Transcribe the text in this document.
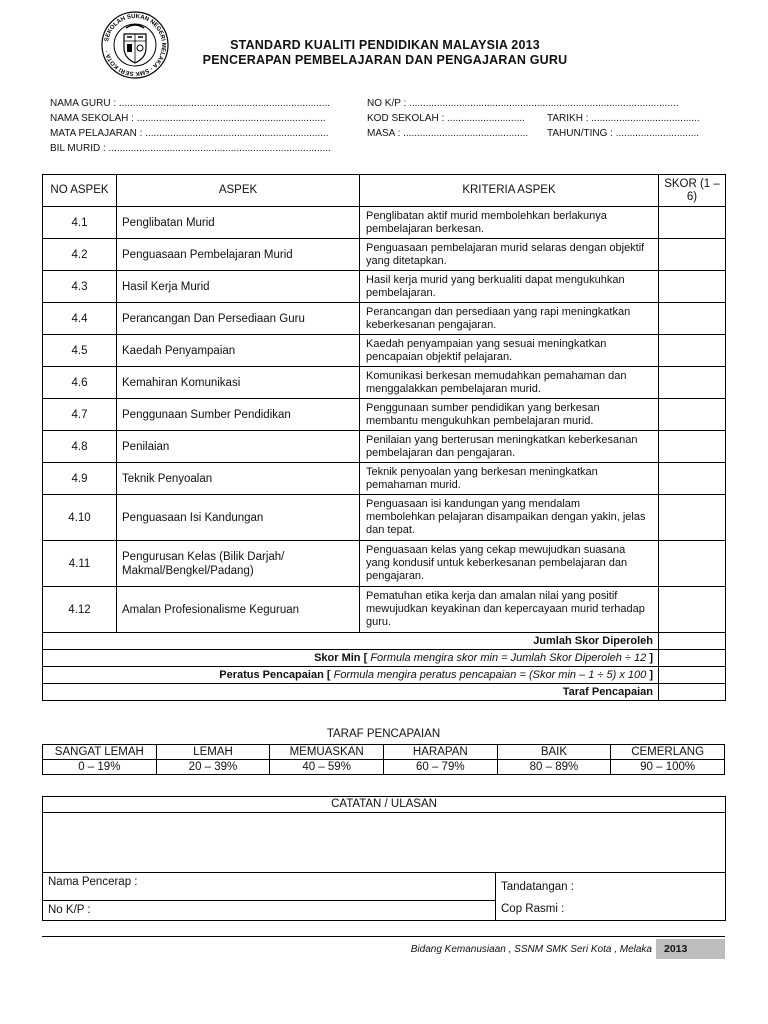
SEKOLAH SUKAN NEGERI MELAKA · SMK SERI KOTA ·	STANDARD KUALITI PENDIDIKAN MALAYSIA 2013
PENCERAPAN PEMBELAJARAN DAN PENGAJARAN GURU
NAMA GURU : ............................................................................	NO K/P : .................................................................................................
NAMA SEKOLAH : ....................................................................	KOD SEKOLAH : ............................	TARIKH : .......................................
MATA PELAJARAN : ..................................................................	MASA : .............................................	TAHUN/TING : ..............................
BIL MURID : ................................................................................
NO ASPEK	ASPEK	KRITERIA ASPEK	SKOR (1 – 6)
4.1	Penglibatan Murid	Penglibatan aktif murid membolehkan berlakunya pembelajaran berkesan.	
4.2	Penguasaan Pembelajaran Murid	Penguasaan pembelajaran murid selaras dengan objektif yang ditetapkan.	
4.3	Hasil Kerja Murid	Hasil kerja murid yang berkualiti dapat mengukuhkan pembelajaran.	
4.4	Perancangan Dan Persediaan Guru	Perancangan dan persediaan yang rapi meningkatkan keberkesanan pengajaran.	
4.5	Kaedah Penyampaian	Kaedah penyampaian yang sesuai meningkatkan pencapaian objektif pelajaran.	
4.6	Kemahiran Komunikasi	Komunikasi berkesan memudahkan pemahaman dan menggalakkan pembelajaran murid.	
4.7	Penggunaan Sumber Pendidikan	Penggunaan sumber pendidikan yang berkesan membantu mengukuhkan pembelajaran murid.	
4.8	Penilaian	Penilaian yang berterusan meningkatkan keberkesanan pembelajaran dan pengajaran.	
4.9	Teknik Penyoalan	Teknik penyoalan yang berkesan meningkatkan pemahaman murid.	
4.10	Penguasaan Isi Kandungan	Penguasaan isi kandungan yang mendalam membolehkan pelajaran disampaikan dengan yakin, jelas dan tepat.	
4.11	Pengurusan Kelas (Bilik Darjah/ Makmal/Bengkel/Padang)	Penguasaan kelas yang cekap mewujudkan suasana yang kondusif untuk keberkesanan pembelajaran dan pengajaran.	
4.12	Amalan Profesionalisme Keguruan	Pematuhan etika kerja dan amalan nilai yang positif mewujudkan keyakinan dan kepercayaan murid terhadap guru.	
Jumlah Skor Diperoleh			
Skor Min [ Formula mengira skor min = Jumlah Skor Diperoleh ÷ 12 ]			
Peratus Pencapaian [ Formula mengira peratus pencapaian = (Skor min – 1 ÷ 5) x 100 ]			
Taraf Pencapaian			
TARAF PENCAPAIAN
SANGAT LEMAH	LEMAH	MEMUASKAN	HARAPAN	BAIK	CEMERLANG
0 – 19%	20 – 39%	40 – 59%	60 – 79%	80 – 89%	90 – 100%
CATATAN / ULASAN

Nama Pencerap :	Tandatangan :
Cop Rasmi :

No K/P :
Bidang Kemanusiaan , SSNM SMK Seri Kota , Melaka	2013
